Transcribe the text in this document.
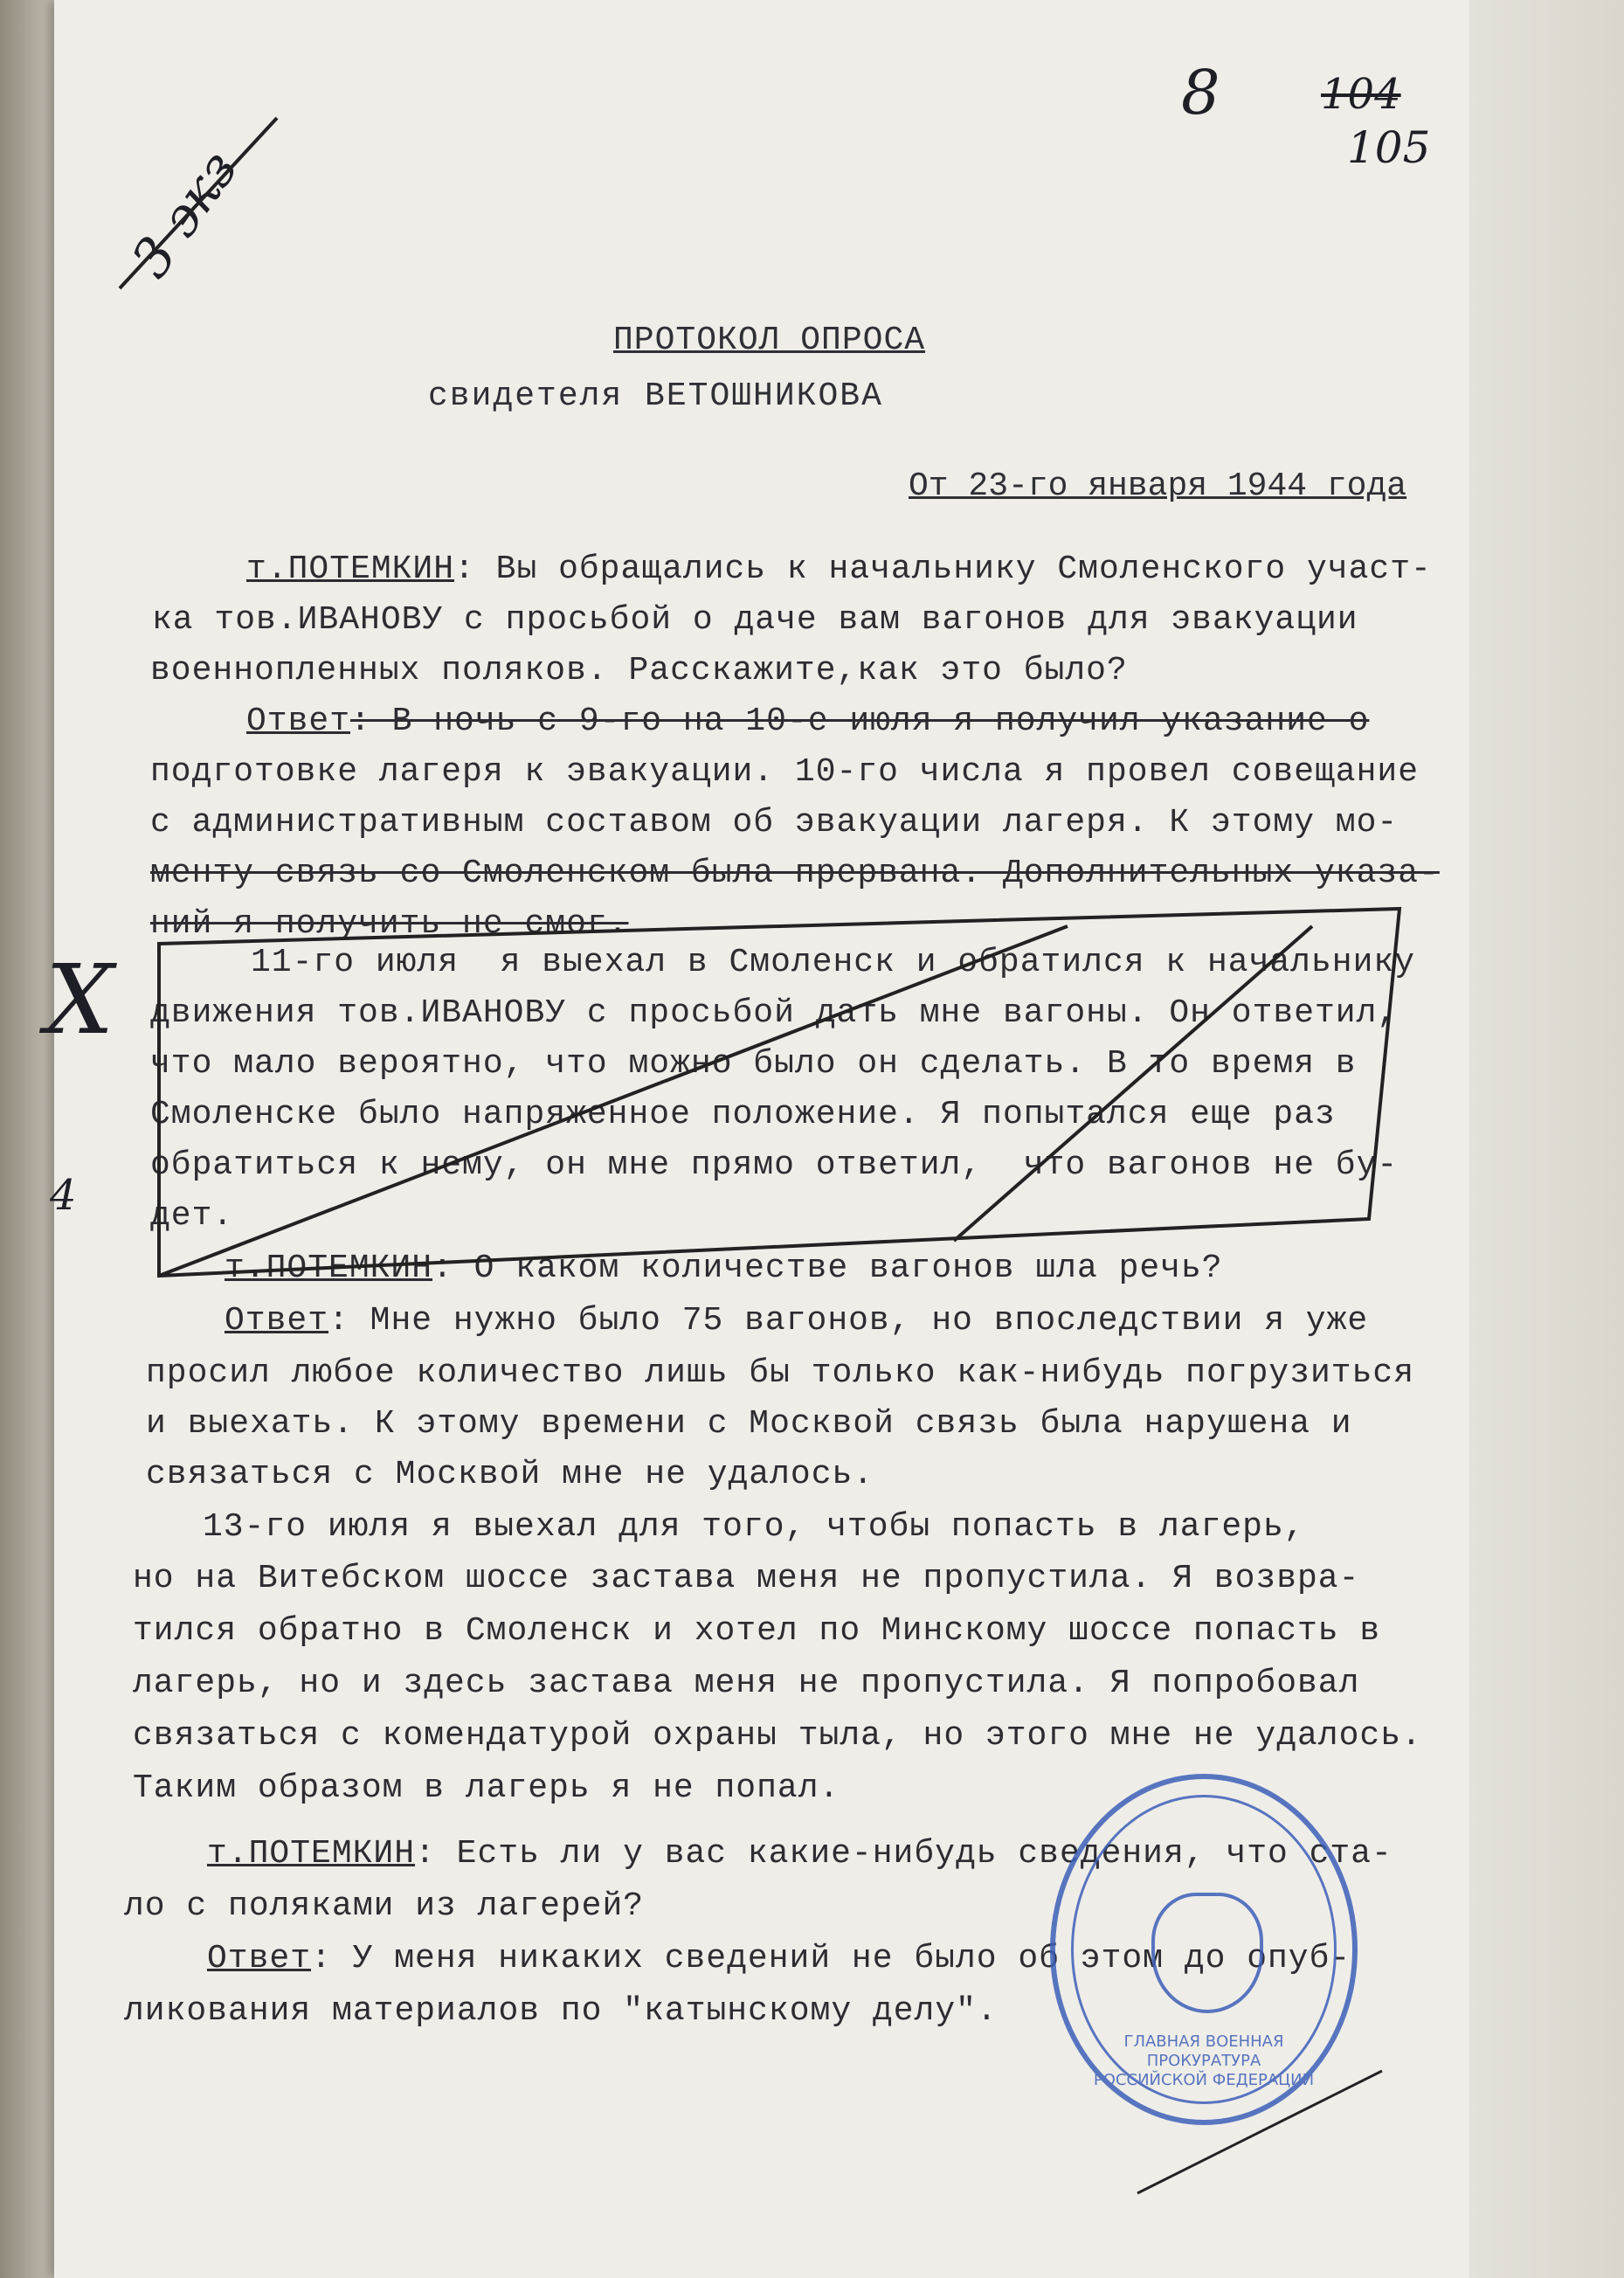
ПРОТОКОЛ ОПРОСА
свидетеля ВЕТОШНИКОВА
От 23-го января 1944 года
т.ПОТЕМКИН: Вы обращались к начальнику Смоленского участ-
ка тов.ИВАНОВУ с просьбой о даче вам вагонов для эвакуации
военнопленных поляков. Расскажите,как это было?
Ответ: В ночь с 9-го на 10-е июля я получил указание о
подготовке лагеря к эвакуации. 10-го числа я провел совещание
с административным составом об эвакуации лагеря. К этому мо-
менту связь со Смоленском была прервана. Дополнительных указа-
ний я получить не смог.
11-го июля  я выехал в Смоленск и обратился к начальнику
движения тов.ИВАНОВУ с просьбой дать мне вагоны. Он ответил,
что мало вероятно, что можно было он сделать. В то время в
Смоленске было напряженное положение. Я попытался еще раз
обратиться к нему, он мне прямо ответил,  что вагонов не бу-
дет.
т.ПОТЕМКИН: О каком количестве вагонов шла речь?
Ответ: Мне нужно было 75 вагонов, но впоследствии я уже
просил любое количество лишь бы только как-нибудь погрузиться
и выехать. К этому времени с Москвой связь была нарушена и
связаться с Москвой мне не удалось.
13-го июля я выехал для того, чтобы попасть в лагерь,
но на Витебском шоссе застава меня не пропустила. Я возвра-
тился обратно в Смоленск и хотел по Минскому шоссе попасть в
лагерь, но и здесь застава меня не пропустила. Я попробовал
связаться с комендатурой охраны тыла, но этого мне не удалось.
Таким образом в лагерь я не попал.
т.ПОТЕМКИН: Есть ли у вас какие-нибудь сведения, что ста-
ло с поляками из лагерей?
Ответ: У меня никаких сведений не было об этом до опуб-
ликования материалов по "катынскому делу".
8 104
105
3 экз
X
4
ГЛАВНАЯ ВОЕННАЯ ПРОКУРАТУРА РОССИЙСКОЙ ФЕДЕРАЦИИ
